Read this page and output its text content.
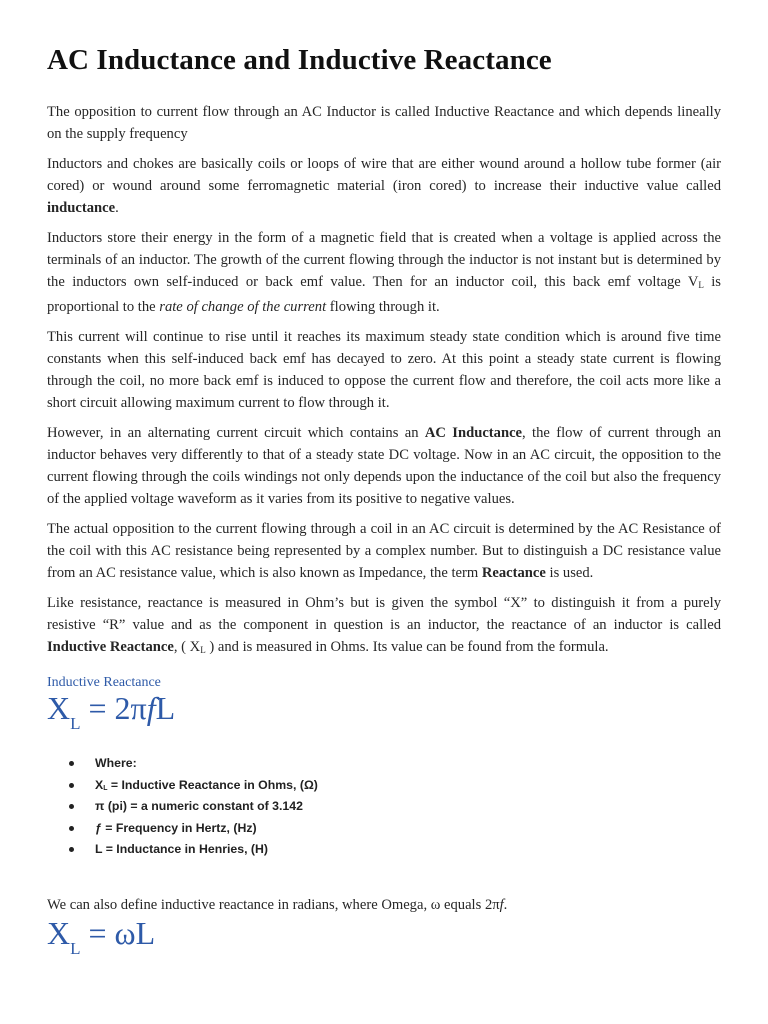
AC Inductance and Inductive Reactance

The opposition to current flow through an AC Inductor is called Inductive Reactance and which depends lineally on the supply frequency

Inductors and chokes are basically coils or loops of wire that are either wound around a hollow tube former (air cored) or wound around some ferromagnetic material (iron cored) to increase their inductive value called inductance.

Inductors store their energy in the form of a magnetic field that is created when a voltage is applied across the terminals of an inductor. The growth of the current flowing through the inductor is not instant but is determined by the inductors own self-induced or back emf value. Then for an inductor coil, this back emf voltage $V_L$ is proportional to the rate of change of the current flowing through it.

This current will continue to rise until it reaches its maximum steady state condition which is around five time constants when this self-induced back emf has decayed to zero. At this point a steady state current is flowing through the coil, no more back emf is induced to oppose the current flow and therefore, the coil acts more like a short circuit allowing maximum current to flow through it.

However, in an alternating current circuit which contains an AC Inductance, the flow of current through an inductor behaves very differently to that of a steady state DC voltage. Now in an AC circuit, the opposition to the current flowing through the coils windings not only depends upon the inductance of the coil but also the frequency of the applied voltage waveform as it varies from its positive to negative values.

The actual opposition to the current flowing through a coil in an AC circuit is determined by the AC Resistance of the coil with this AC resistance being represented by a complex number. But to distinguish a DC resistance value from an AC resistance value, which is also known as Impedance, the term Reactance is used.

Like resistance, reactance is measured in Ohm’s but is given the symbol “X” to distinguish it from a purely resistive “R” value and as the component in question is an inductor, the reactance of an inductor is called Inductive Reactance, ( $X_L$ ) and is measured in Ohms. Its value can be found from the formula.

Inductive Reactance
$X_L = 2\pi fL$
Where:
$X_L$ = Inductive Reactance in Ohms, (Ω)
π (pi) = a numeric constant of 3.142
ƒ = Frequency in Hertz, (Hz)
L = Inductance in Henries, (H)

We can also define inductive reactance in radians, where Omega, ω equals 2πf.

$X_L = \omega L$
